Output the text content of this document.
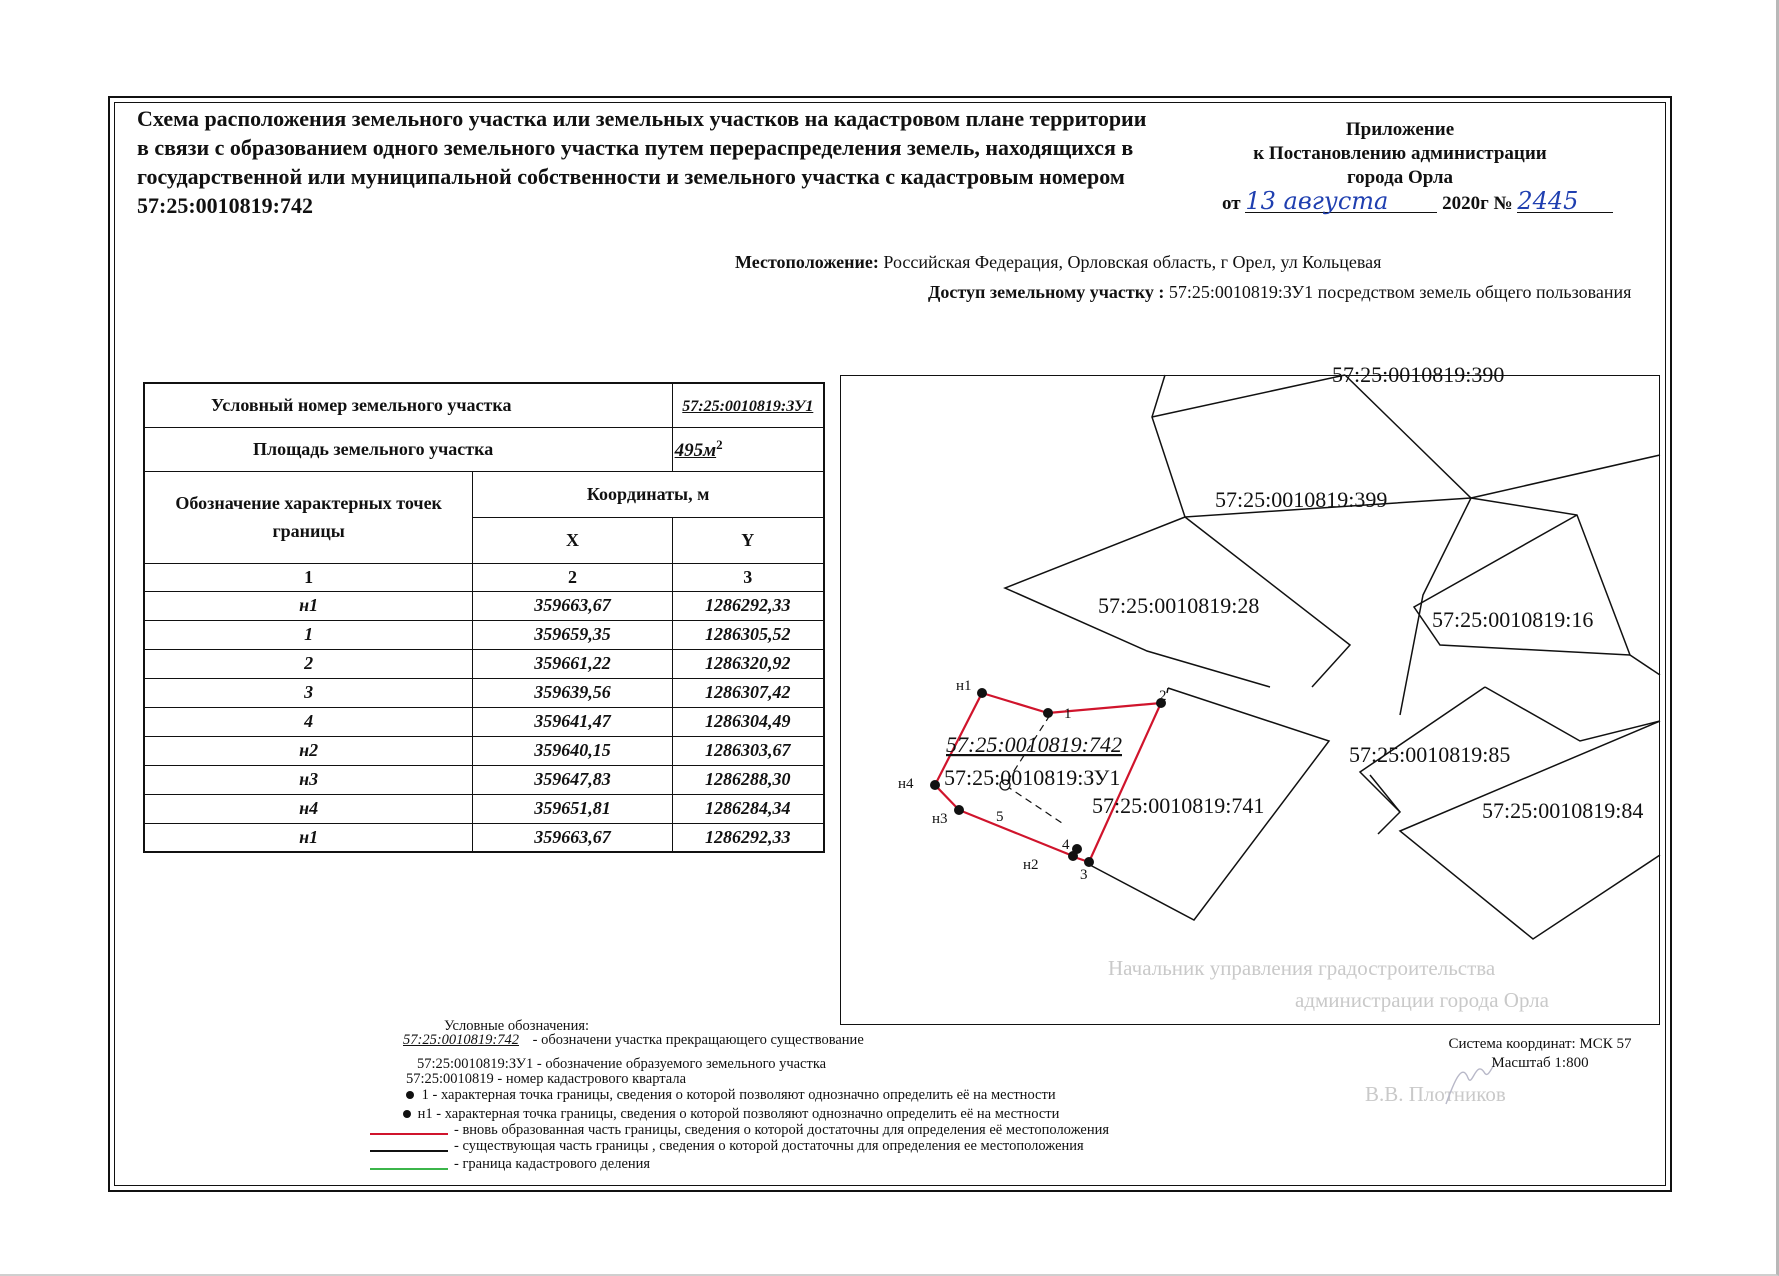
Начальник управления градостроительства
администрации города Орла
В.В. Плотников
Схема расположения земельного участка или земельных участков на кадастровом плане территории в связи с образованием одного земельного участка путем перераспределения земель, находящихся в государственной или муниципальной собственности и земельного участка с кадастровым номером 57:25:0010819:742
Приложение
к Постановлению администрации
города Орла
от 13 августа	2020г № 2445
Местоположение: Российская Федерация, Орловская область, г Орел, ул Кольцевая
Доступ земельному участку : 57:25:0010819:ЗУ1 посредством земель общего пользования
Условный номер земельного участка		57:25:0010819:ЗУ1
Площадь земельного участка		$495м^2$
Обозначение характерных точек границы	Координаты, м	
	X	Y
1	2	3
н1	359663,67	1286292,33
1	359659,35	1286305,52
2	359661,22	1286320,92
3	359639,56	1286307,42
4	359641,47	1286304,49
н2	359640,15	1286303,67
н3	359647,83	1286288,30
н4	359651,81	1286284,34
н1	359663,67	1286292,33
н1
1
2
3
4
н2
н3
н4
5
57:25:0010819:390
57:25:0010819:399
57:25:0010819:28
57:25:0010819:16
57:25:0010819:85
57:25:0010819:84
57:25:0010819:741
57:25:0010819:742
57:25:0010819:ЗУ1
Условные обозначения:
57:25:0010819:742 - обозначени участка прекращающего существование
57:25:0010819:ЗУ1 - обозначение образуемого земельного участка
57:25:0010819 - номер кадастрового квартала
1 - характерная точка границы, сведения о которой позволяют однозначно определить её на местности
н1 - характерная точка границы, сведения о которой позволяют однозначно определить её на местности
- вновь образованная часть границы, сведения о которой достаточны для определения её местоположения
- существующая часть границы , сведения о которой достаточны для определения ее местоположения
- граница кадастрового деления
Система координат: МСК 57
Масштаб 1:800
